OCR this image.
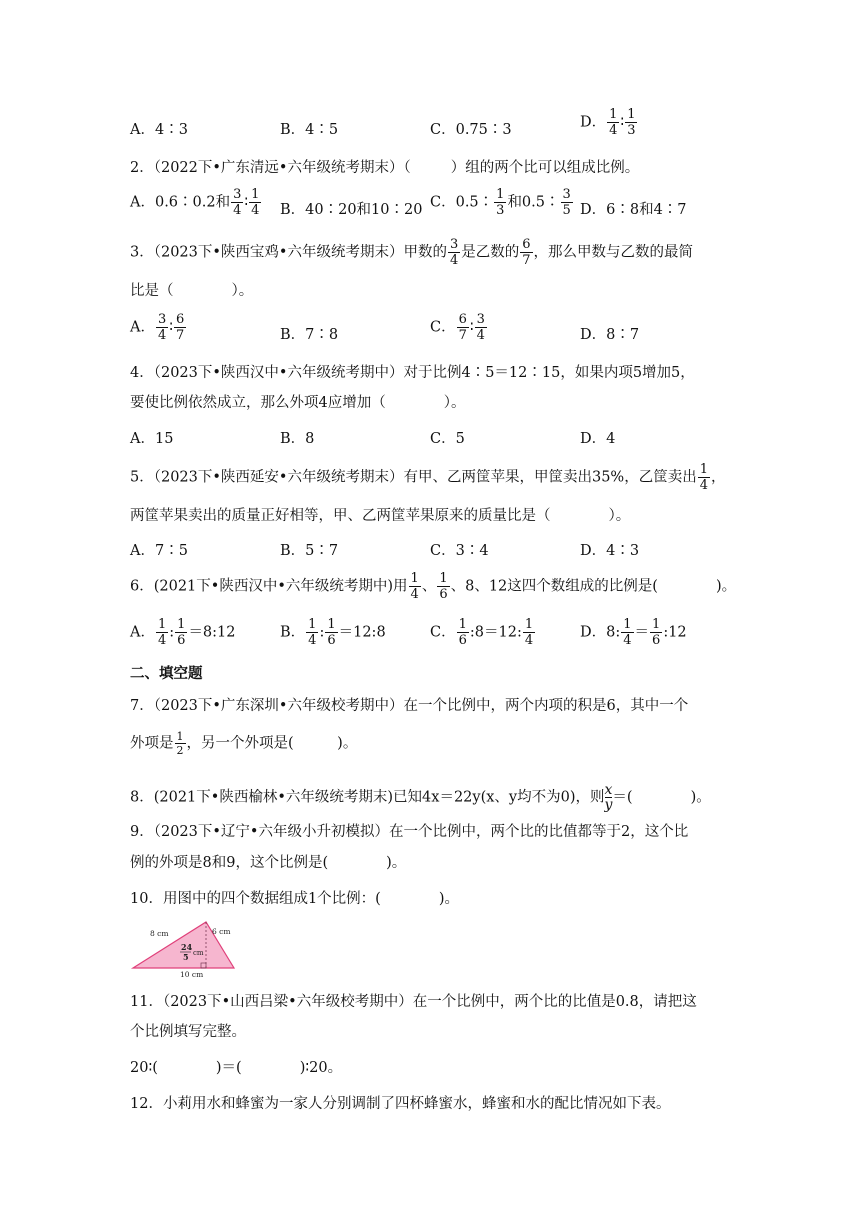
A．4∶3	B．4∶5	C．0.75∶3	D． $\frac{1}{4}$ ∶ $\frac{1}{3}$
2．（2022下•广东清远•六年级统考期末）（	）组的两个比可以组成比例。
A．0.6∶0.2和 $\frac{3}{4}$ ∶ $\frac{1}{4}$ B．40∶20和10∶20 C．0.5∶ $\frac{1}{3}$ 和0.5∶ $\frac{3}{5}$ D．6∶8和4∶7
3．（2023下•陕西宝鸡•六年级统考期末）甲数的 $\frac{3}{4}$ 是乙数的 $\frac{6}{7}$ ，那么甲数与乙数的最简
比是（　　　　）。
A． $\frac{3}{4}$ ∶ $\frac{6}{7}$	B．7∶8	C． $\frac{6}{7}$ ∶ $\frac{3}{4}$	D．8∶7
4．（2023下•陕西汉中•六年级统考期中）对于比例4∶5＝12∶15，如果内项5增加5，
要使比例依然成立，那么外项4应增加（　　　　）。
A．15	B．8	C．5	D．4
5．（2023下•陕西延安•六年级统考期末）有甲、乙两筐苹果，甲筐卖出35%，乙筐卖出 $\frac{1}{4}$ ，
两筐苹果卖出的质量正好相等，甲、乙两筐苹果原来的质量比是（　　　　）。
A．7∶5	B．5∶7	C．3∶4	D．4∶3
6．(2021下•陕西汉中•六年级统考期中)用 $\frac{1}{4}$ 、 $\frac{1}{6}$ 、8、12这四个数组成的比例是(　　　　)。
A． $\frac{1}{4}$ : $\frac{1}{6}$ ＝8:12	B． $\frac{1}{4}$ : $\frac{1}{6}$ ＝12:8	C． $\frac{1}{6}$ :8＝12: $\frac{1}{4}$	D．8: $\frac{1}{4} = \frac{1}{6}$ :12
二、填空题
7．（2023下•广东深圳•六年级校考期中）在一个比例中，两个内项的积是6，其中一个
外项是 $\frac{1}{2}$ ，另一个外项是(　　　)。
8．(2021下•陕西榆林•六年级统考期末)已知4x＝22y(x、y均不为0)，则 $\frac{x}{y}$ ＝(　　　　)。
9．（2023下•辽宁•六年级小升初模拟）在一个比例中，两个比的比值都等于2，这个比
例的外项是8和9，这个比例是(　　　　)。
10．用图中的四个数据组成1个比例：(　　　　)。
8 cm	6 cm
24
5 cm
10 cm
11．（2023下•山西吕梁•六年级校考期中）在一个比例中，两个比的比值是0.8，请把这
个比例填写完整。
20∶(　　　　)＝(　　　　)∶20。
12．小莉用水和蜂蜜为一家人分别调制了四杯蜂蜜水，蜂蜜和水的配比情况如下表。
